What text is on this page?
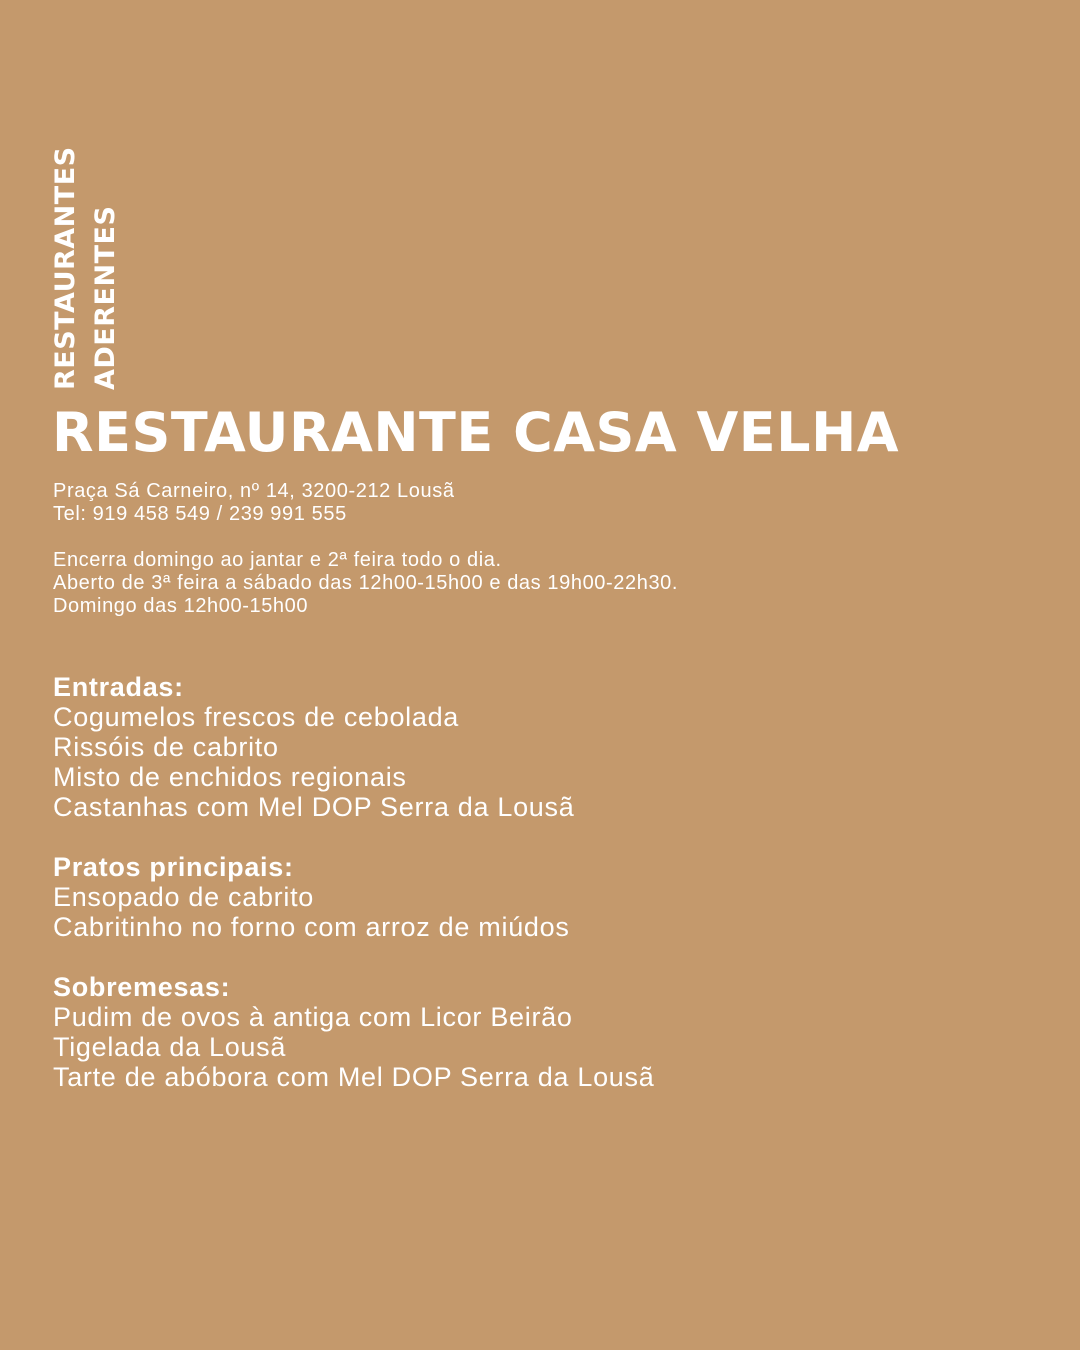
RESTAURANTES ADERENTES
RESTAURANTE CASA VELHA
Praça Sá Carneiro, nº 14, 3200-212 Lousã
Tel: 919 458 549 / 239 991 555
Encerra domingo ao jantar e 2ª feira todo o dia.
Aberto de 3ª feira a sábado das 12h00-15h00 e das 19h00-22h30.
Domingo das 12h00-15h00
Entradas:
Cogumelos frescos de cebolada
Rissóis de cabrito
Misto de enchidos regionais
Castanhas com Mel DOP Serra da Lousã
Pratos principais:
Ensopado de cabrito
Cabritinho no forno com arroz de miúdos
Sobremesas:
Pudim de ovos à antiga com Licor Beirão
Tigelada da Lousã
Tarte de abóbora com Mel DOP Serra da Lousã
